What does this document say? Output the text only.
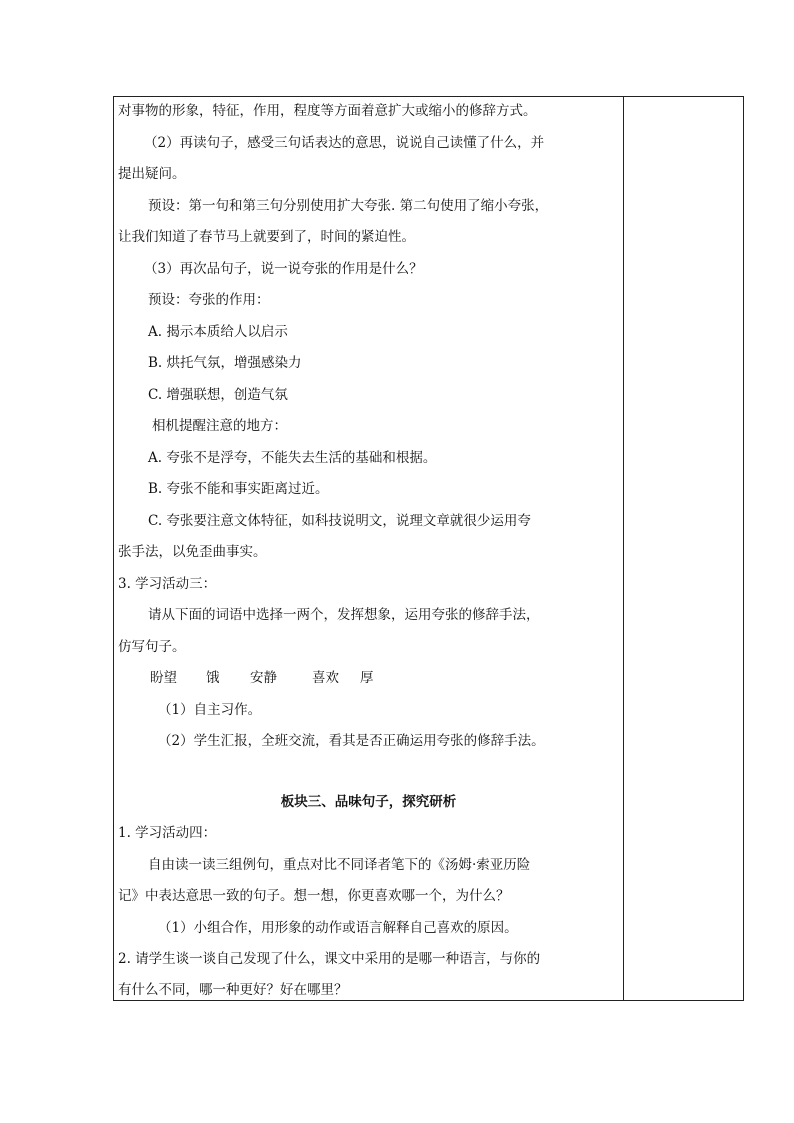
对事物的形象，特征，作用，程度等方面着意扩大或缩小的修辞方式。
（2）再读句子，感受三句话表达的意思，说说自己读懂了什么，并
提出疑问。
预设：第一句和第三句分别使用扩大夸张. 第二句使用了缩小夸张，
让我们知道了春节马上就要到了，时间的紧迫性。
（3）再次品句子，说一说夸张的作用是什么？
预设：夸张的作用：
A. 揭示本质给人以启示
B. 烘托气氛，增强感染力
C. 增强联想，创造气氛
相机提醒注意的地方：
A. 夸张不是浮夸，不能失去生活的基础和根据。
B. 夸张不能和事实距离过近。
C. 夸张要注意文体特征，如科技说明文，说理文章就很少运用夸
张手法，以免歪曲事实。
3. 学习活动三：
请从下面的词语中选择一两个，发挥想象，运用夸张的修辞手法，
仿写句子。
盼望 饿 安静	喜欢 厚
（1）自主习作。
（2）学生汇报，全班交流，看其是否正确运用夸张的修辞手法。
板块三、品味句子，探究研析
1. 学习活动四：
自由读一读三组例句，重点对比不同译者笔下的《汤姆·索亚历险
记》中表达意思一致的句子。想一想，你更喜欢哪一个，为什么？
（1）小组合作，用形象的动作或语言解释自己喜欢的原因。
2. 请学生谈一谈自己发现了什么，课文中采用的是哪一种语言，与你的
有什么不同，哪一种更好？好在哪里？
